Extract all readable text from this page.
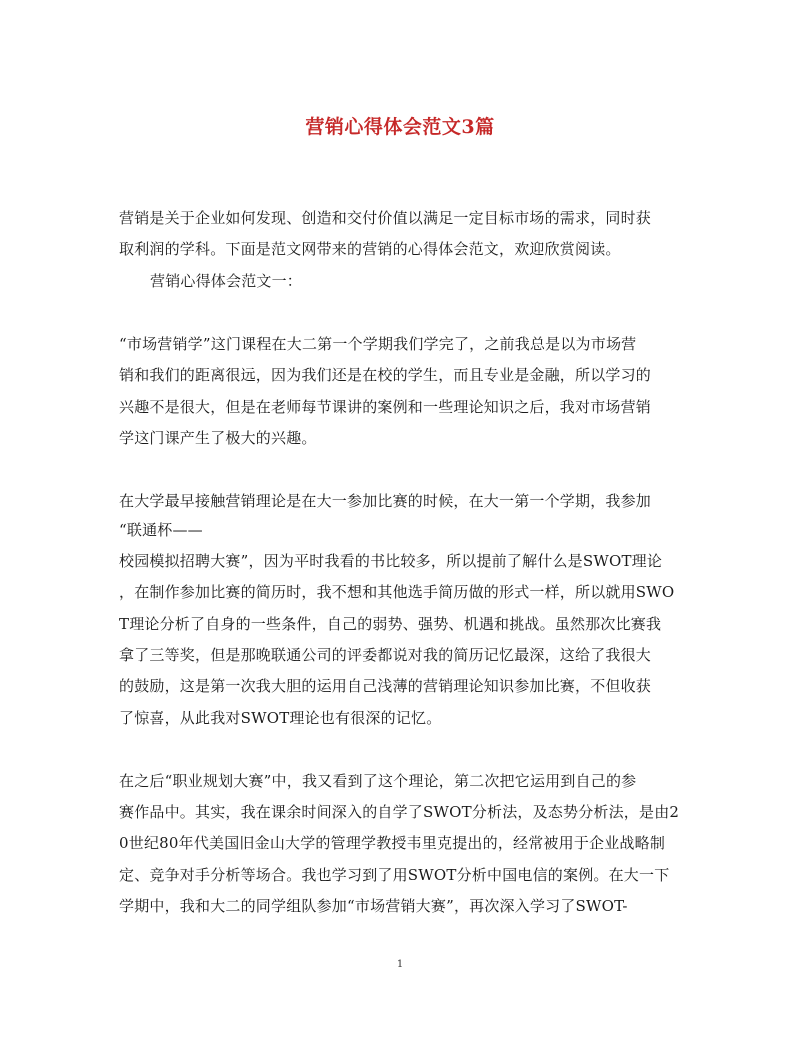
营销心得体会范文3篇
营销是关于企业如何发现、创造和交付价值以满足一定目标市场的需求，同时获
取利润的学科。下面是范文网带来的营销的心得体会范文，欢迎欣赏阅读。
营销心得体会范文一：
“市场营销学”这门课程在大二第一个学期我们学完了，之前我总是以为市场营
销和我们的距离很远，因为我们还是在校的学生，而且专业是金融，所以学习的
兴趣不是很大，但是在老师每节课讲的案例和一些理论知识之后，我对市场营销
学这门课产生了极大的兴趣。
在大学最早接触营销理论是在大一参加比赛的时候，在大一第一个学期，我参加
“联通杯——
校园模拟招聘大赛”，因为平时我看的书比较多，所以提前了解什么是SWOT理论
，在制作参加比赛的简历时，我不想和其他选手简历做的形式一样，所以就用SWO
T理论分析了自身的一些条件，自己的弱势、强势、机遇和挑战。虽然那次比赛我
拿了三等奖，但是那晚联通公司的评委都说对我的简历记忆最深，这给了我很大
的鼓励，这是第一次我大胆的运用自己浅薄的营销理论知识参加比赛，不但收获
了惊喜，从此我对SWOT理论也有很深的记忆。
在之后“职业规划大赛”中，我又看到了这个理论，第二次把它运用到自己的参
赛作品中。其实，我在课余时间深入的自学了SWOT分析法，及态势分析法，是由2
0世纪80年代美国旧金山大学的管理学教授韦里克提出的，经常被用于企业战略制
定、竞争对手分析等场合。我也学习到了用SWOT分析中国电信的案例。在大一下
学期中，我和大二的同学组队参加“市场营销大赛”，再次深入学习了SWOT-
1
